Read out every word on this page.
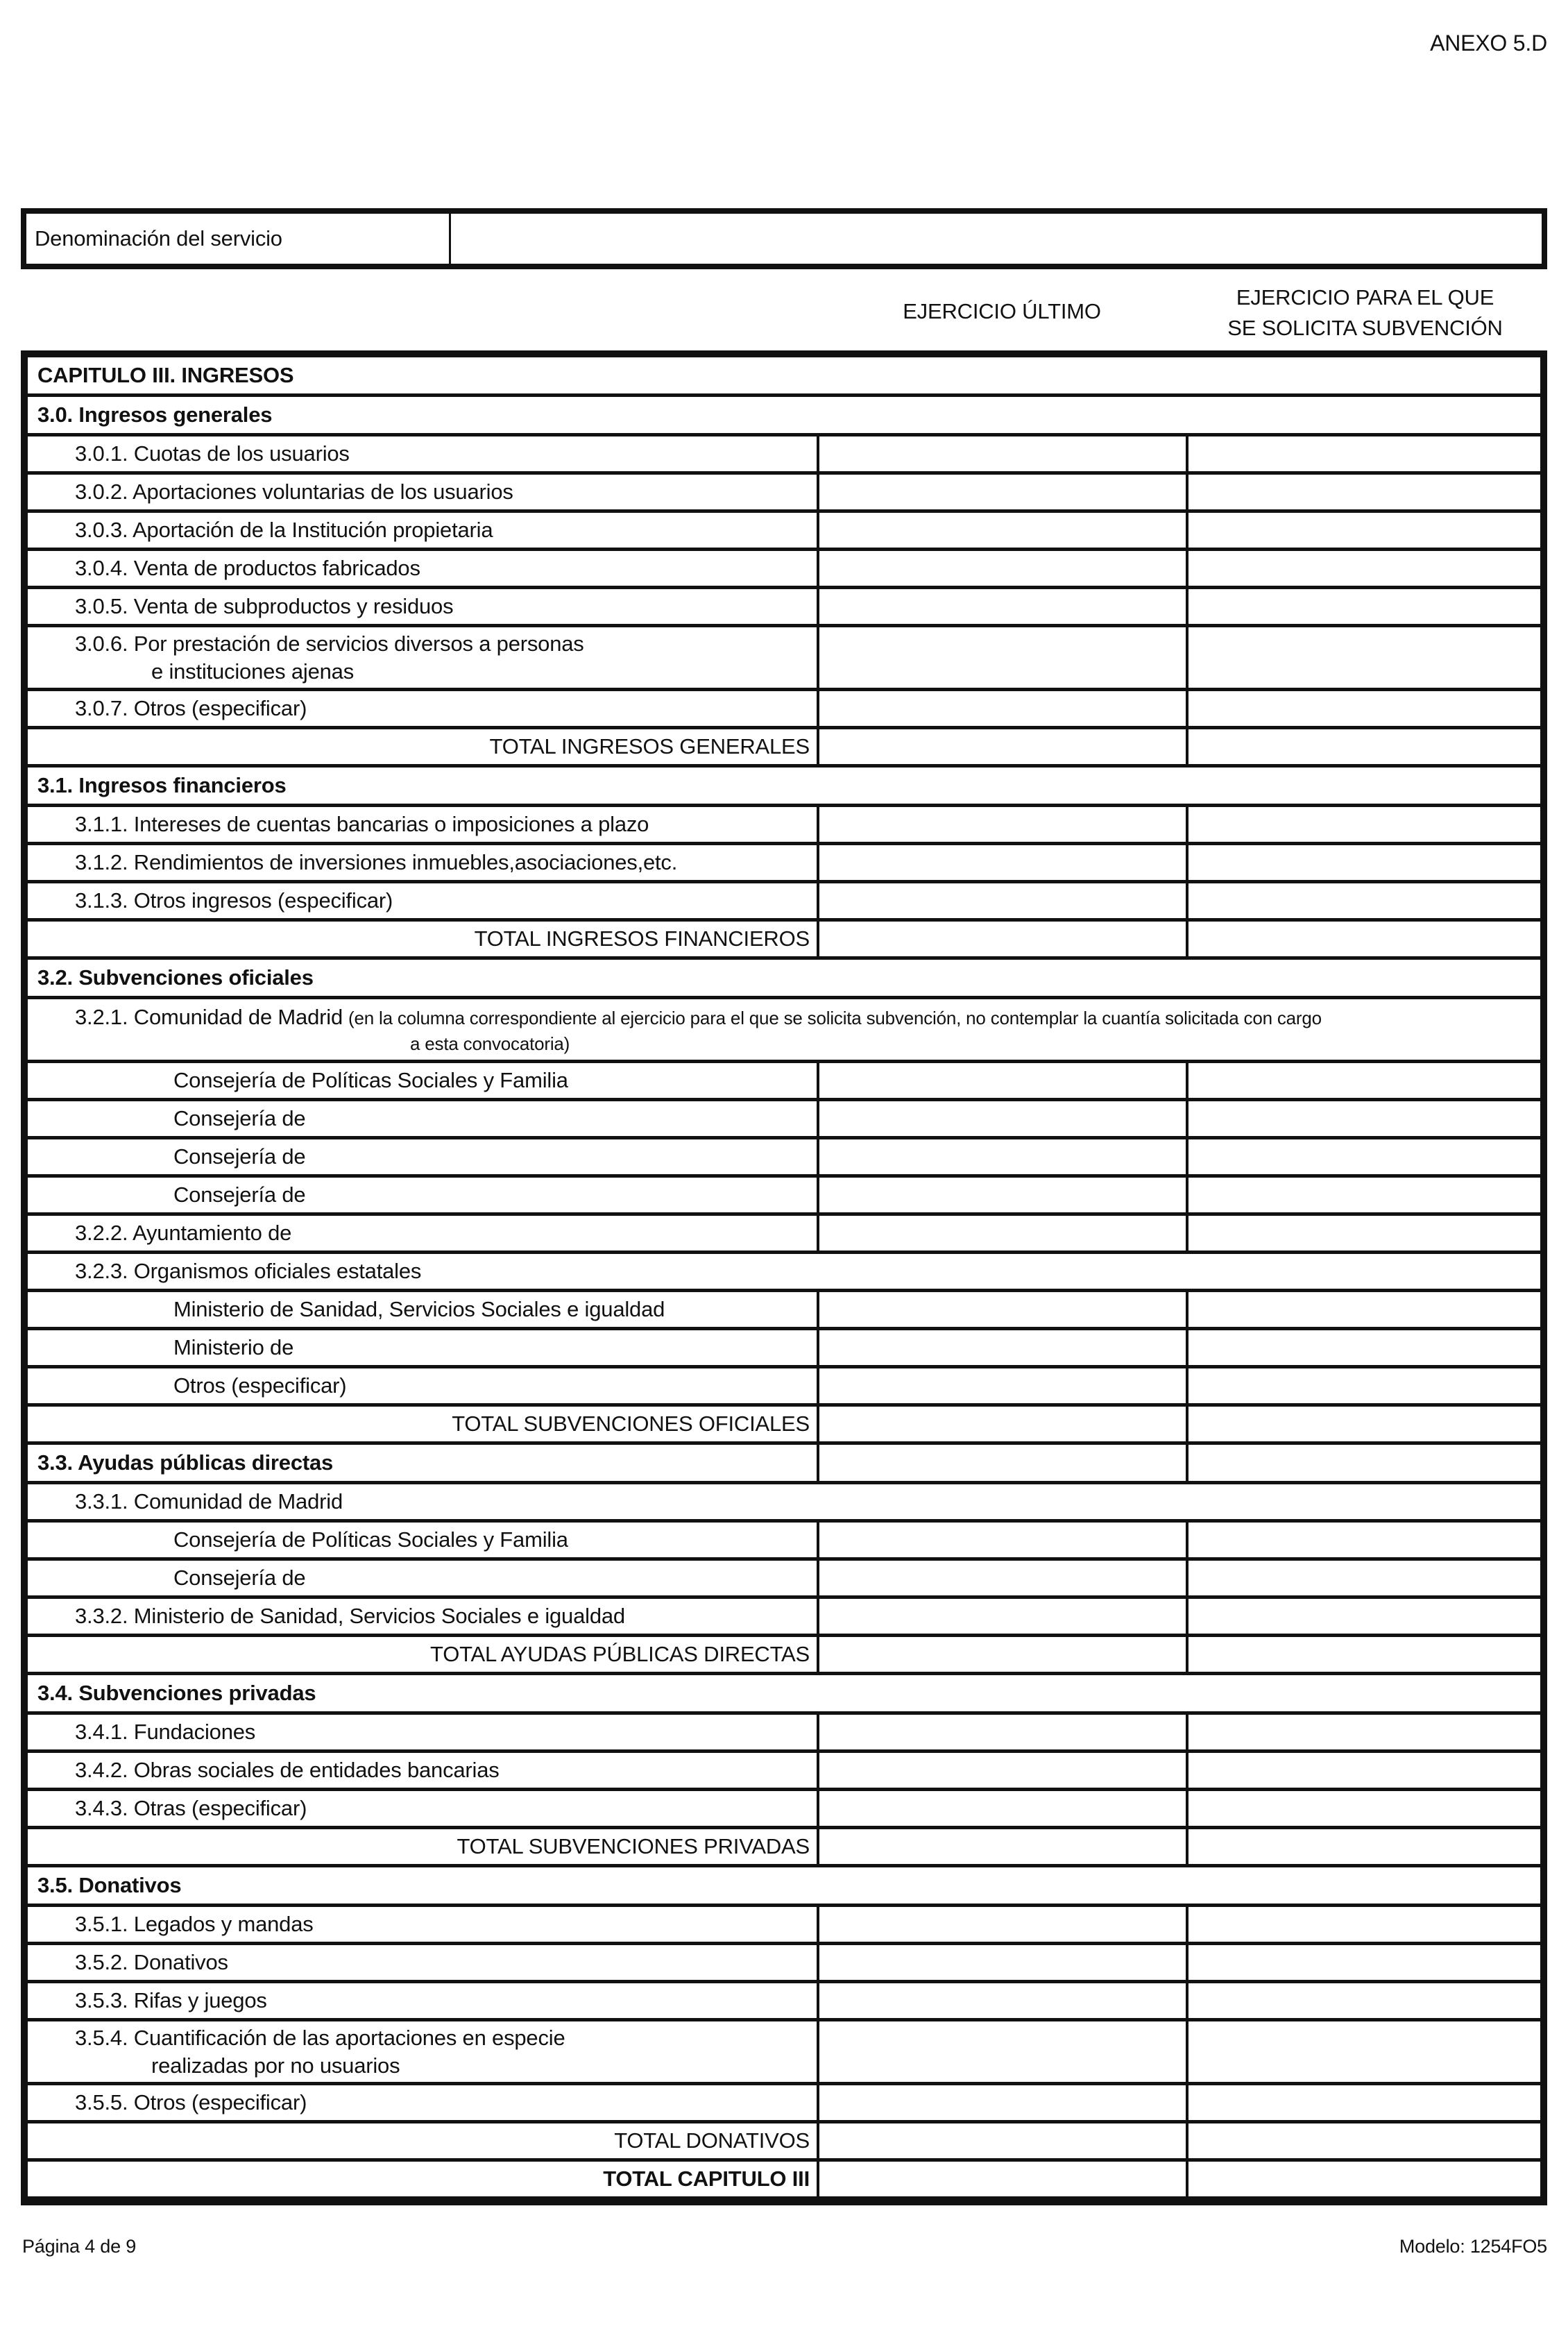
ANEXO 5.D
Denominación del servicio
EJERCICIO ÚLTIMO
EJERCICIO PARA EL QUE
SE SOLICITA SUBVENCIÓN
CAPITULO III. INGRESOS
3.0. Ingresos generales
3.0.1. Cuotas de los usuarios
3.0.2. Aportaciones voluntarias de los usuarios
3.0.3. Aportación de la Institución propietaria
3.0.4. Venta de productos fabricados
3.0.5. Venta de subproductos y residuos
3.0.6. Por prestación de servicios diversos a personas
e instituciones ajenas
3.0.7. Otros (especificar)
TOTAL INGRESOS GENERALES
3.1. Ingresos financieros
3.1.1. Intereses de cuentas bancarias o imposiciones a plazo
3.1.2. Rendimientos de inversiones inmuebles,asociaciones,etc.
3.1.3. Otros ingresos (especificar)
TOTAL INGRESOS FINANCIEROS
3.2. Subvenciones oficiales
3.2.1. Comunidad de Madrid (en la columna correspondiente al ejercicio para el que se solicita subvención, no contemplar la cuantía solicitada con cargo
a esta convocatoria)
Consejería de Políticas Sociales y Familia
Consejería de
Consejería de
Consejería de
3.2.2. Ayuntamiento de
3.2.3. Organismos oficiales estatales
Ministerio de Sanidad, Servicios Sociales e igualdad
Ministerio de
Otros (especificar)
TOTAL SUBVENCIONES OFICIALES
3.3. Ayudas públicas directas
3.3.1. Comunidad de Madrid
Consejería de Políticas Sociales y Familia
Consejería de
3.3.2. Ministerio de Sanidad, Servicios Sociales e igualdad
TOTAL AYUDAS PÚBLICAS DIRECTAS
3.4. Subvenciones privadas
3.4.1. Fundaciones
3.4.2. Obras sociales de entidades bancarias
3.4.3. Otras (especificar)
TOTAL SUBVENCIONES PRIVADAS
3.5. Donativos
3.5.1. Legados y mandas
3.5.2. Donativos
3.5.3. Rifas y juegos
3.5.4. Cuantificación de las aportaciones en especie
realizadas por no usuarios
3.5.5. Otros (especificar)
TOTAL DONATIVOS
TOTAL CAPITULO III
Página 4 de 9	Modelo: 1254FO5
